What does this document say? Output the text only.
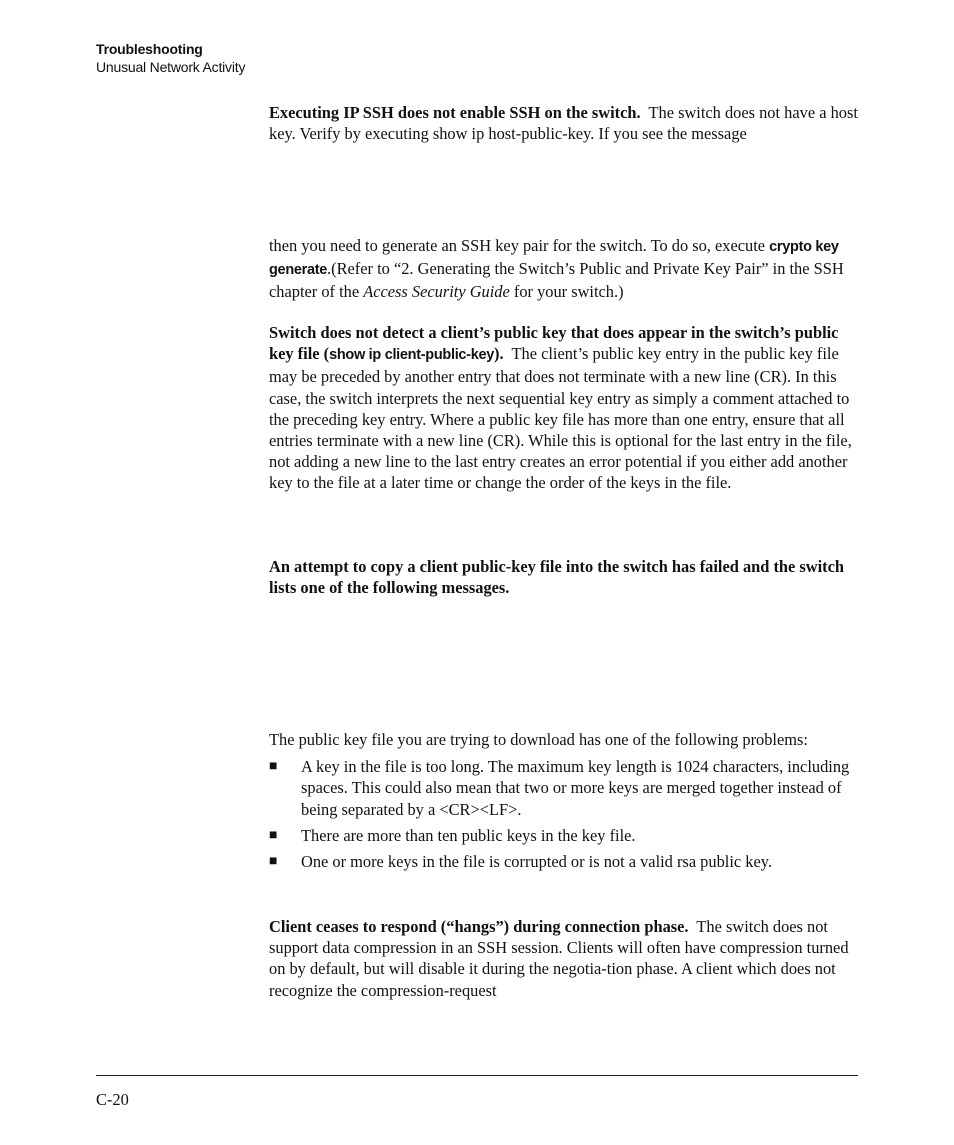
Troubleshooting
Unusual Network Activity

Executing IP SSH does not enable SSH on the switch. The switch does not have a host key. Verify by executing show ip host-public-key. If you see the message

then you need to generate an SSH key pair for the switch. To do so, execute crypto key generate.(Refer to “2. Generating the Switch’s Public and Private Key Pair” in the SSH chapter of the Access Security Guide for your switch.)

Switch does not detect a client’s public key that does appear in the switch’s public key file (show ip client-public-key). The client’s public key entry in the public key file may be preceded by another entry that does not terminate with a new line (CR). In this case, the switch interprets the next sequential key entry as simply a comment attached to the preceding key entry. Where a public key file has more than one entry, ensure that all entries terminate with a new line (CR). While this is optional for the last entry in the file, not adding a new line to the last entry creates an error potential if you either add another key to the file at a later time or change the order of the keys in the file.

An attempt to copy a client public-key file into the switch has failed and the switch lists one of the following messages.

The public key file you are trying to download has one of the following problems:

■ A key in the file is too long. The maximum key length is 1024 characters, including spaces. This could also mean that two or more keys are merged together instead of being separated by a <CR><LF>.
■ There are more than ten public keys in the key file.
■ One or more keys in the file is corrupted or is not a valid rsa public key.

Client ceases to respond (“hangs”) during connection phase. The switch does not support data compression in an SSH session. Clients will often have compression turned on by default, but will disable it during the negotia-tion phase. A client which does not recognize the compression-request

C-20
